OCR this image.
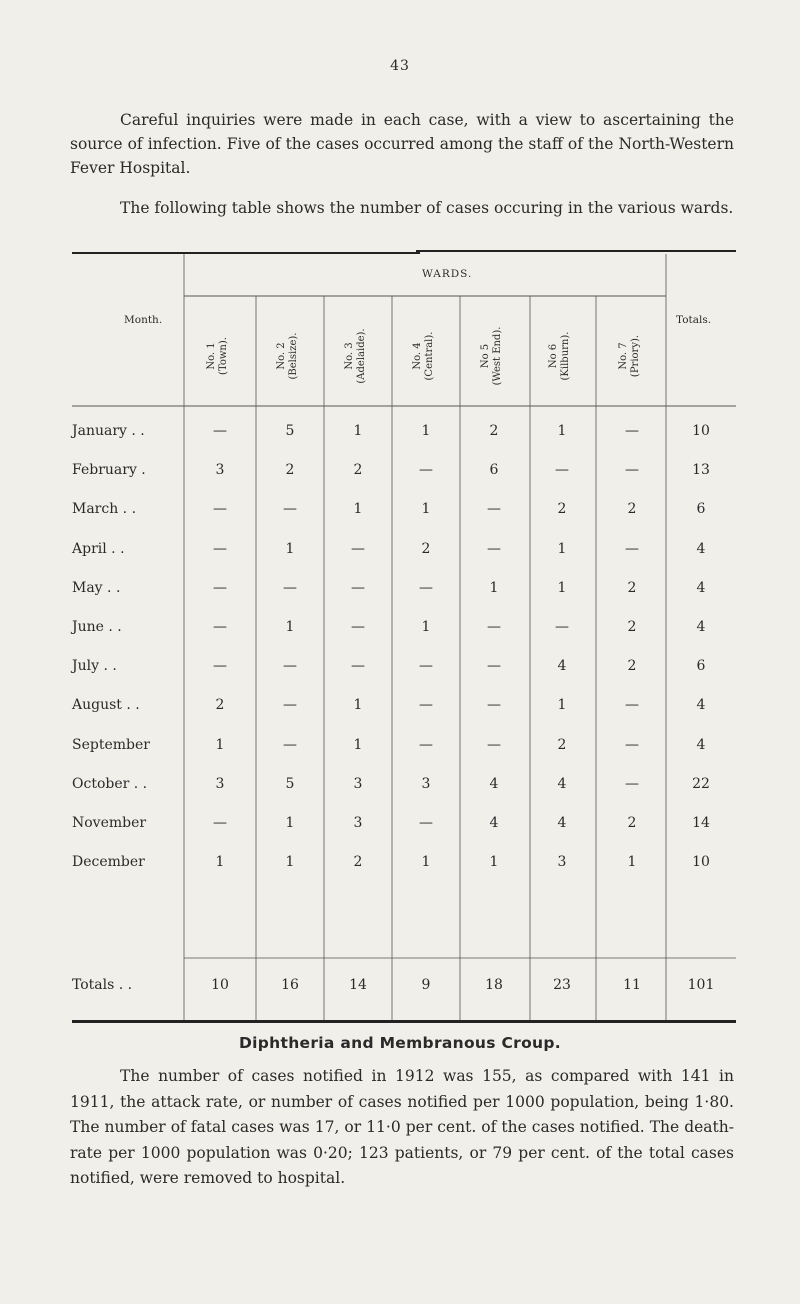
43

Careful inquiries were made in each case, with a view to ascertaining the source of infection. Five of the cases occurred among the staff of the North-Western Fever Hospital.

The following table shows the number of cases occuring in the various wards.

Month.
WARDS.
Totals.
No. 1 (Town).	No. 2 (Belsize).	No. 3 (Adelaide).	No. 4 (Central).	No 5 (West End).	No 6 (Kilburn).	No. 7 (Priory).
January . .	—	5	1	1	2	1	—	10
February .	3	2	2	—	6	—	—	13
March . .	—	—	1	1	—	2	2	6
April . .	—	1	—	2	—	1	—	4
May . .	—	—	—	—	1	1	2	4
June . .	—	1	—	1	—	—	2	4
July . .	—	—	—	—	—	4	2	6
August . .	2	—	1	—	—	1	—	4
September	1	—	1	—	—	2	—	4
October . .	3	5	3	3	4	4	—	22
November	—	1	3	—	4	4	2	14
December	1	1	2	1	1	3	1	10
Totals . .	10	16	14	9	18	23	11	101
Diphtheria and Membranous Croup.

The number of cases notified in 1912 was 155, as compared with 141 in 1911, the attack rate, or number of cases notified per 1000 population, being 1·80. The number of fatal cases was 17, or 11·0 per cent. of the cases notified. The death-rate per 1000 population was 0·20; 123 patients, or 79 per cent. of the total cases notified, were removed to hospital.
